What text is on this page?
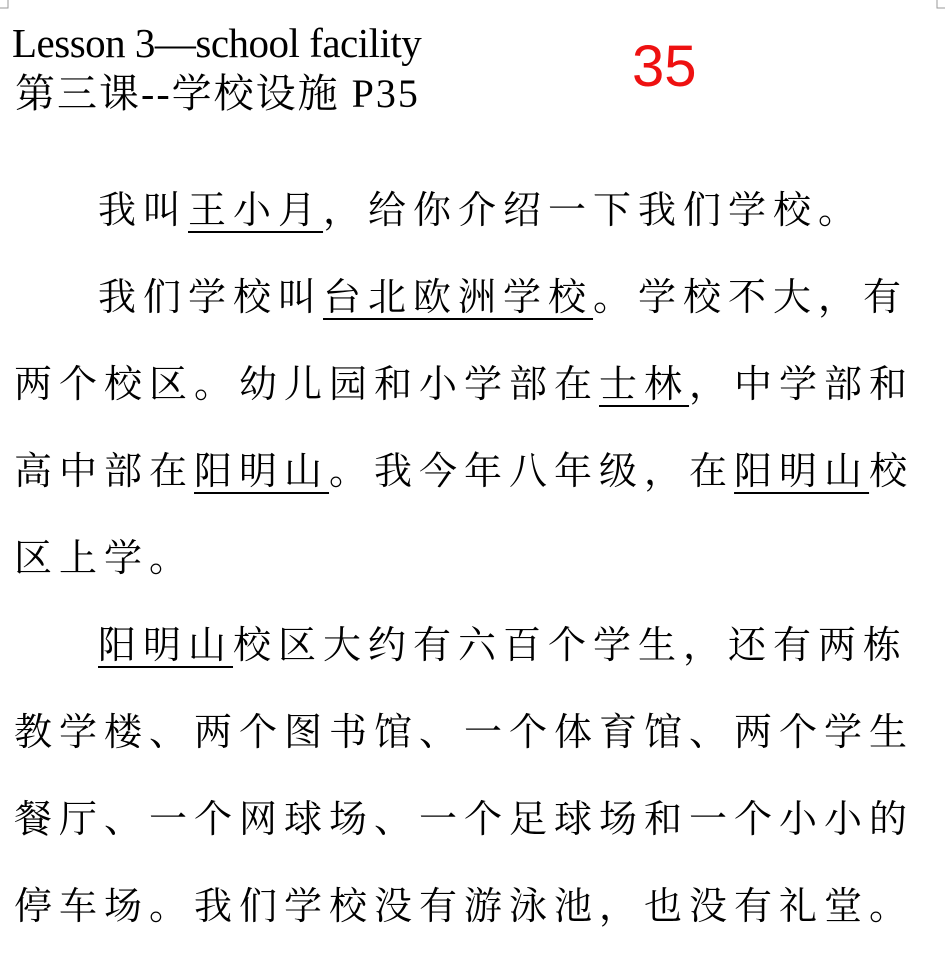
Lesson 3—school facility
第三课--学校设施 P35	35
我叫王小月，给你介绍一下我们学校。
我们学校叫台北欧洲学校。学校不大，有
两个校区。幼儿园和小学部在士林，中学部和
高中部在阳明山。我今年八年级，在阳明山校
区上学。
阳明山校区大约有六百个学生，还有两栋
教学楼、两个图书馆、一个体育馆、两个学生
餐厅、一个网球场、一个足球场和一个小小的
停车场。我们学校没有游泳池，也没有礼堂。
